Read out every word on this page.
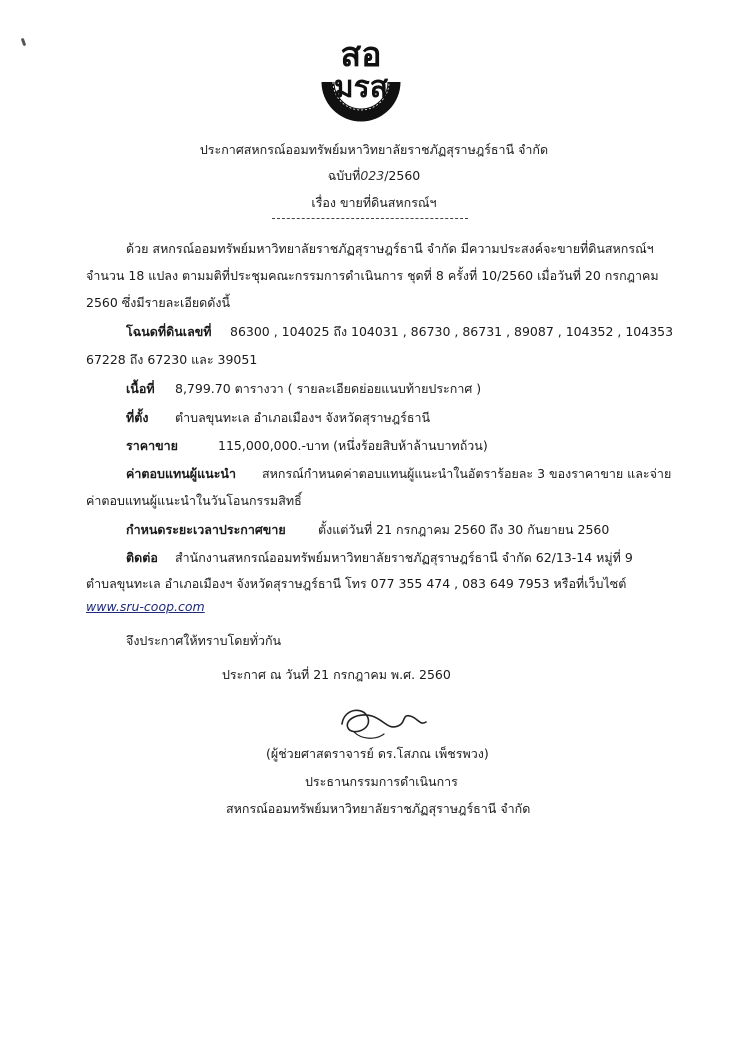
สอ
มรส
ประกาศสหกรณ์ออมทรัพย์มหาวิทยาลัยราชภัฏสุราษฎร์ธานี จำกัด
ฉบับที่023/2560
เรื่อง ขายที่ดินสหกรณ์ฯ
ด้วย สหกรณ์ออมทรัพย์มหาวิทยาลัยราชภัฏสุราษฎร์ธานี จำกัด มีความประสงค์จะขายที่ดินสหกรณ์ฯ
จำนวน 18 แปลง ตามมติที่ประชุมคณะกรรมการดำเนินการ ชุดที่ 8 ครั้งที่ 10/2560 เมื่อวันที่ 20 กรกฎาคม
2560 ซึ่งมีรายละเอียดดังนี้
โฉนดที่ดินเลขที่ 86300 , 104025 ถึง 104031 , 86730 , 86731 , 89087 , 104352 , 104353
67228 ถึง 67230 และ 39051
เนื้อที่ 8,799.70 ตารางวา ( รายละเอียดย่อยแนบท้ายประกาศ )
ที่ตั้ง ตำบลขุนทะเล อำเภอเมืองฯ จังหวัดสุราษฎร์ธานี
ราคาขาย	115,000,000.-บาท (หนึ่งร้อยสิบห้าล้านบาทถ้วน)
ค่าตอบแทนผู้แนะนำ สหกรณ์กำหนดค่าตอบแทนผู้แนะนำในอัตราร้อยละ 3 ของราคาขาย และจ่าย
ค่าตอบแทนผู้แนะนำในวันโอนกรรมสิทธิ์
กำหนดระยะเวลาประกาศขาย	ตั้งแต่วันที่ 21 กรกฎาคม 2560 ถึง 30 กันยายน 2560
ติดต่อ สำนักงานสหกรณ์ออมทรัพย์มหาวิทยาลัยราชภัฏสุราษฎร์ธานี จำกัด 62/13-14 หมู่ที่ 9
ตำบลขุนทะเล อำเภอเมืองฯ จังหวัดสุราษฎร์ธานี โทร 077 355 474 , 083 649 7953 หรือที่เว็บไซต์
www.sru-coop.com
จึงประกาศให้ทราบโดยทั่วกัน
ประกาศ ณ วันที่ 21 กรกฎาคม พ.ศ. 2560
(ผู้ช่วยศาสตราจารย์ ดร.โสภณ เพ็ชรพวง)
ประธานกรรมการดำเนินการ
สหกรณ์ออมทรัพย์มหาวิทยาลัยราชภัฏสุราษฎร์ธานี จำกัด
